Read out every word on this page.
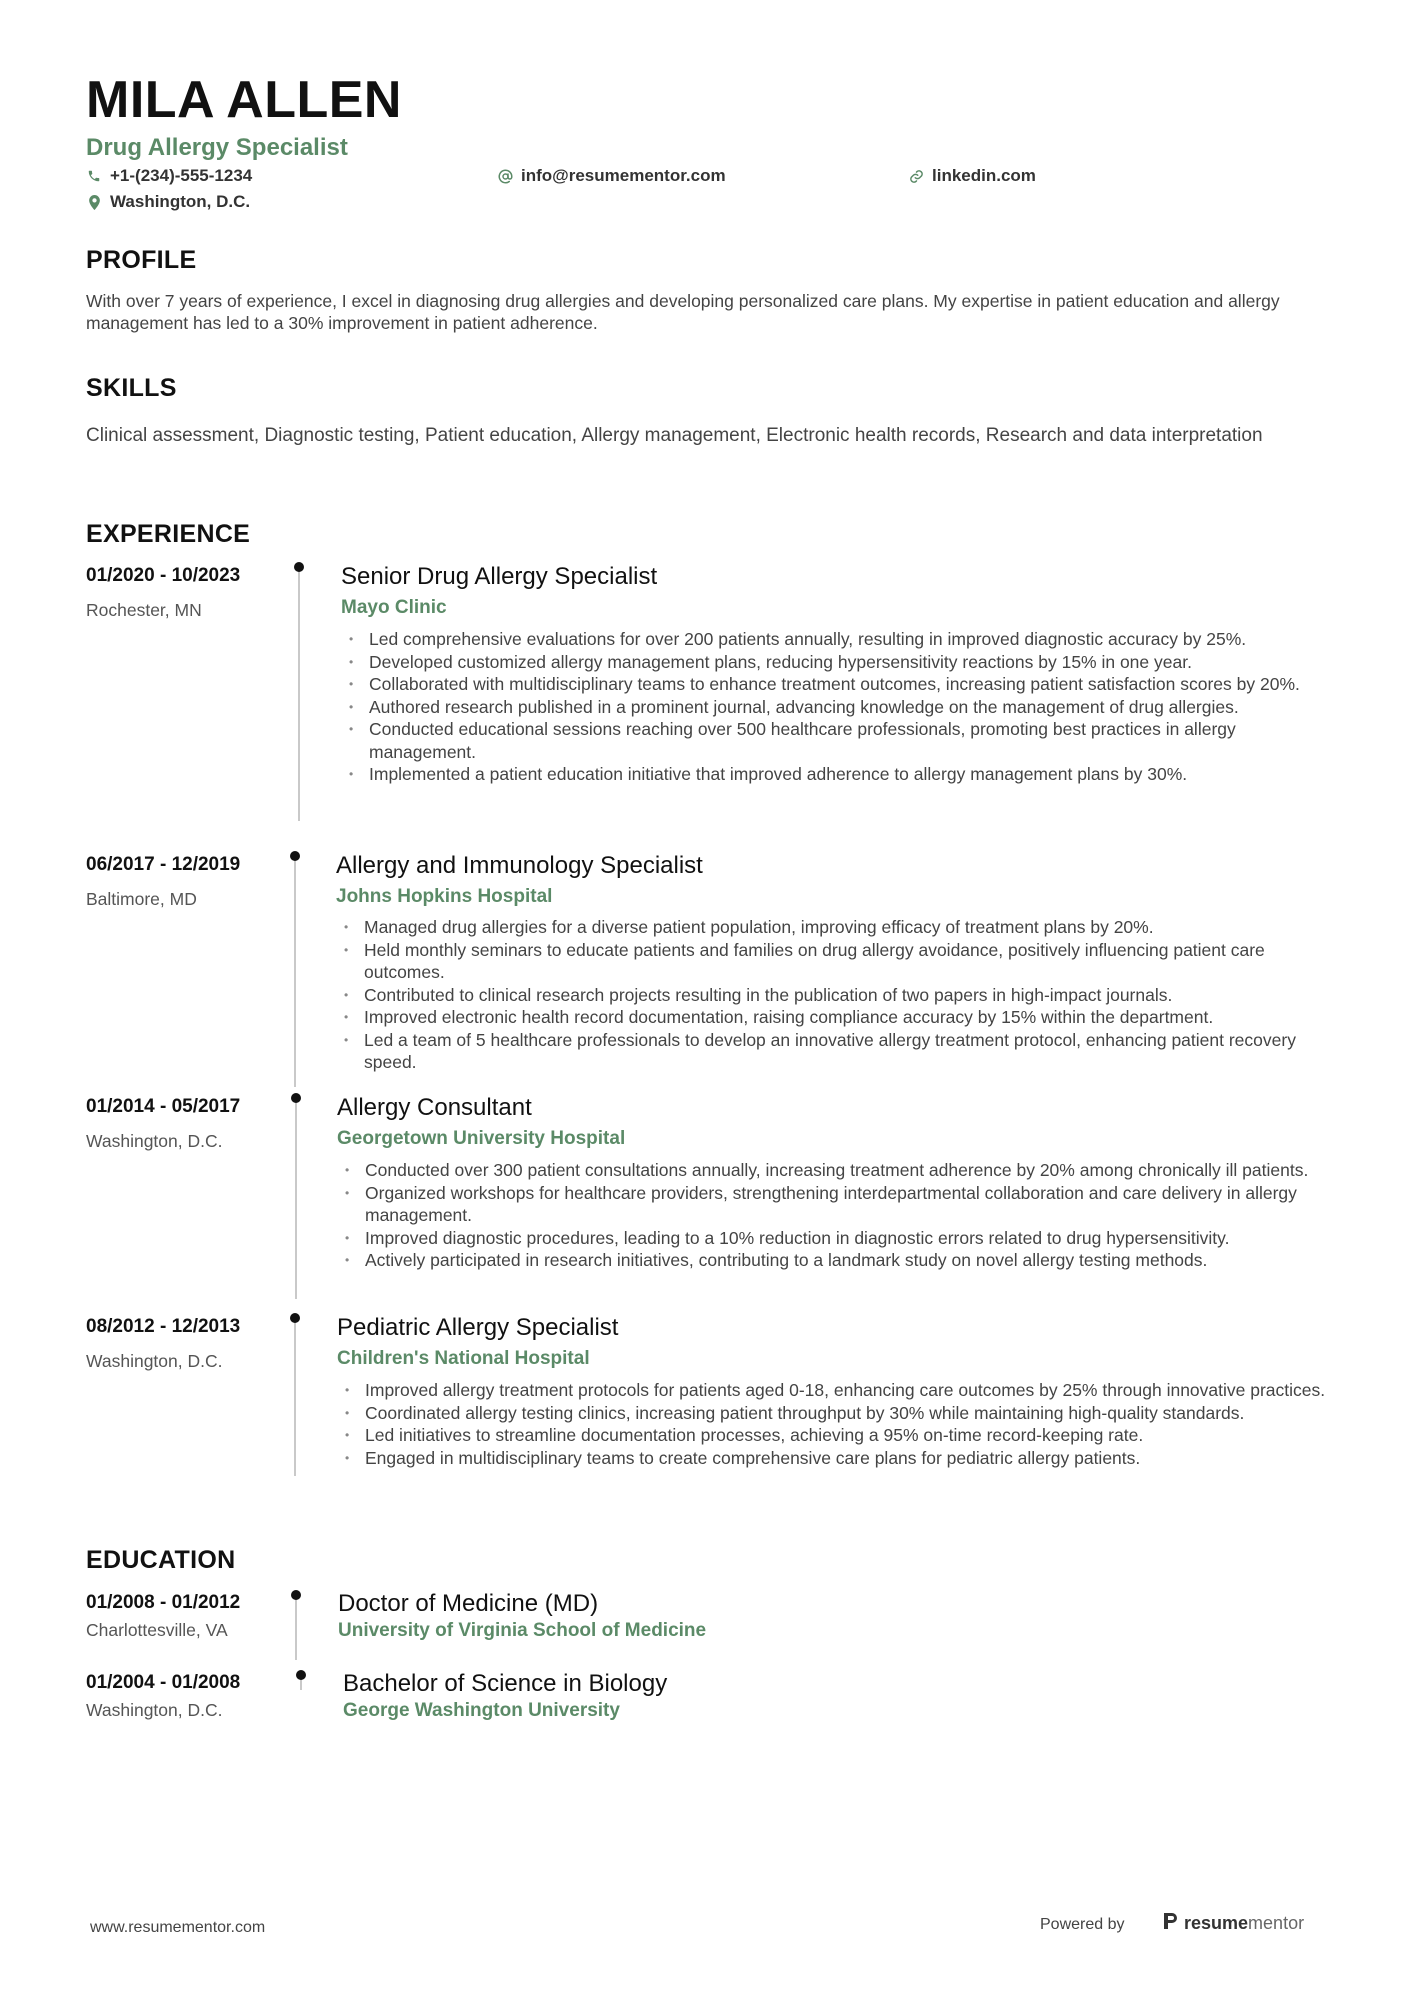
MILA ALLEN
Drug Allergy Specialist
+1-(234)-555-1234	info@resumementor.com	linkedin.com
Washington, D.C.
PROFILE
With over 7 years of experience, I excel in diagnosing drug allergies and developing personalized care plans. My expertise in patient education and allergy management has led to a 30% improvement in patient adherence.
SKILLS
Clinical assessment, Diagnostic testing, Patient education, Allergy management, Electronic health records, Research and data interpretation
EXPERIENCE
01/2020 - 10/2023
Rochester, MN
Senior Drug Allergy Specialist
Mayo Clinic
• Led comprehensive evaluations for over 200 patients annually, resulting in improved diagnostic accuracy by 25%.
• Developed customized allergy management plans, reducing hypersensitivity reactions by 15% in one year.
• Collaborated with multidisciplinary teams to enhance treatment outcomes, increasing patient satisfaction scores by 20%.
• Authored research published in a prominent journal, advancing knowledge on the management of drug allergies.
• Conducted educational sessions reaching over 500 healthcare professionals, promoting best practices in allergy management.
• Implemented a patient education initiative that improved adherence to allergy management plans by 30%.
06/2017 - 12/2019
Baltimore, MD
Allergy and Immunology Specialist
Johns Hopkins Hospital
• Managed drug allergies for a diverse patient population, improving efficacy of treatment plans by 20%.
• Held monthly seminars to educate patients and families on drug allergy avoidance, positively influencing patient care outcomes.
• Contributed to clinical research projects resulting in the publication of two papers in high-impact journals.
• Improved electronic health record documentation, raising compliance accuracy by 15% within the department.
• Led a team of 5 healthcare professionals to develop an innovative allergy treatment protocol, enhancing patient recovery speed.
01/2014 - 05/2017
Washington, D.C.
Allergy Consultant
Georgetown University Hospital
• Conducted over 300 patient consultations annually, increasing treatment adherence by 20% among chronically ill patients.
• Organized workshops for healthcare providers, strengthening interdepartmental collaboration and care delivery in allergy management.
• Improved diagnostic procedures, leading to a 10% reduction in diagnostic errors related to drug hypersensitivity.
• Actively participated in research initiatives, contributing to a landmark study on novel allergy testing methods.
08/2012 - 12/2013
Washington, D.C.
Pediatric Allergy Specialist
Children's National Hospital
• Improved allergy treatment protocols for patients aged 0-18, enhancing care outcomes by 25% through innovative practices.
• Coordinated allergy testing clinics, increasing patient throughput by 30% while maintaining high-quality standards.
• Led initiatives to streamline documentation processes, achieving a 95% on-time record-keeping rate.
• Engaged in multidisciplinary teams to create comprehensive care plans for pediatric allergy patients.
EDUCATION
01/2008 - 01/2012
Charlottesville, VA
Doctor of Medicine (MD)
University of Virginia School of Medicine
01/2004 - 01/2008
Washington, D.C.
Bachelor of Science in Biology
George Washington University
www.resumementor.com	Powered by	resumementor
